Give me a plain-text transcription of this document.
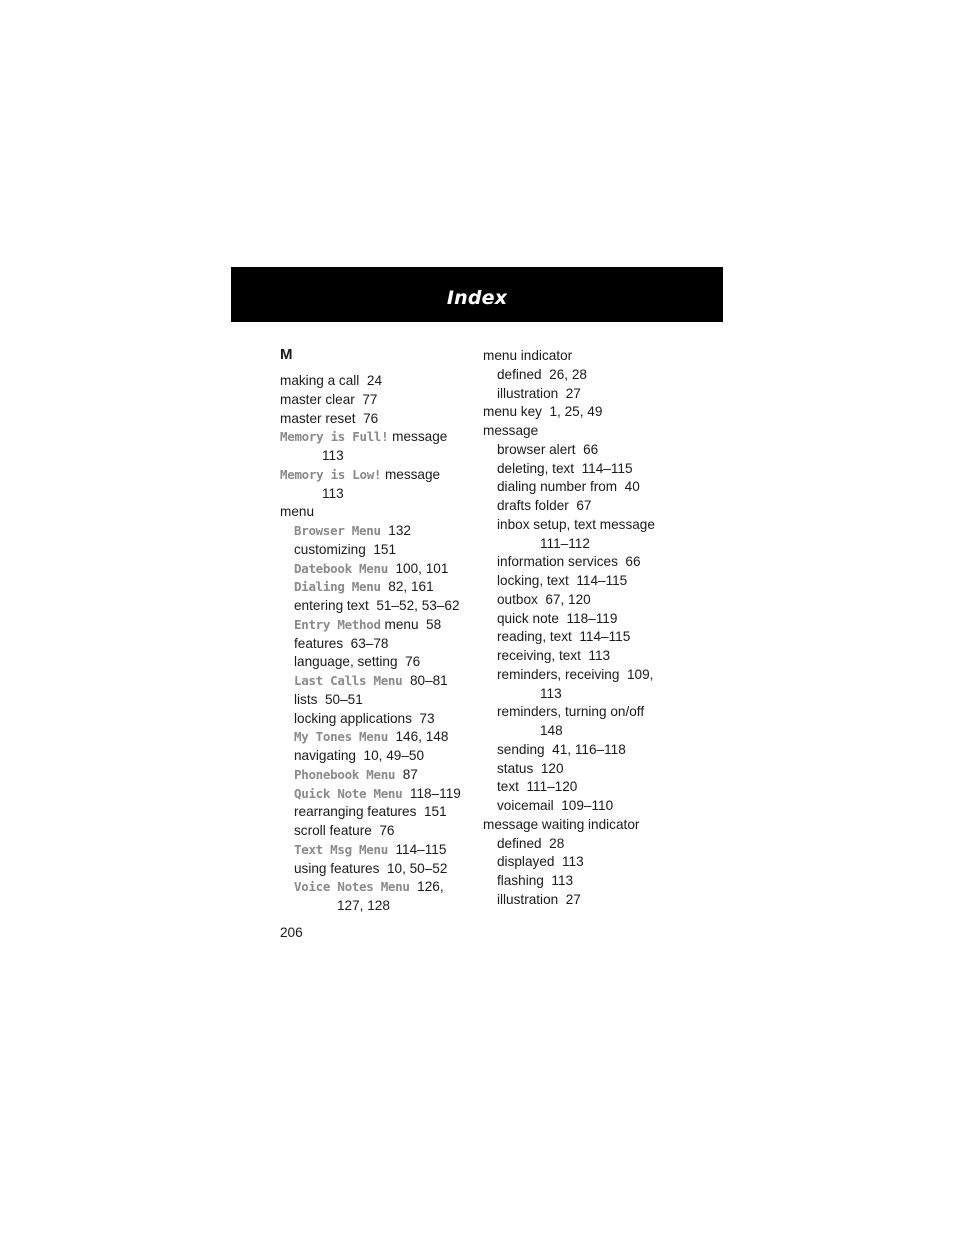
Index
M
making a call  24
master clear  77
master reset  76
Memory is Full! message
113
Memory is Low! message
113
menu
Browser Menu  132
customizing  151
Datebook Menu  100, 101
Dialing Menu  82, 161
entering text  51–52, 53–62
Entry Method menu  58
features  63–78
language, setting  76
Last Calls Menu  80–81
lists  50–51
locking applications  73
My Tones Menu  146, 148
navigating  10, 49–50
Phonebook Menu  87
Quick Note Menu  118–119
rearranging features  151
scroll feature  76
Text Msg Menu  114–115
using features  10, 50–52
Voice Notes Menu  126,
127, 128
menu indicator
defined  26, 28
illustration  27
menu key  1, 25, 49
message
browser alert  66
deleting, text  114–115
dialing number from  40
drafts folder  67
inbox setup, text message
111–112
information services  66
locking, text  114–115
outbox  67, 120
quick note  118–119
reading, text  114–115
receiving, text  113
reminders, receiving  109,
113
reminders, turning on/off
148
sending  41, 116–118
status  120
text  111–120
voicemail  109–110
message waiting indicator
defined  28
displayed  113
flashing  113
illustration  27
206
